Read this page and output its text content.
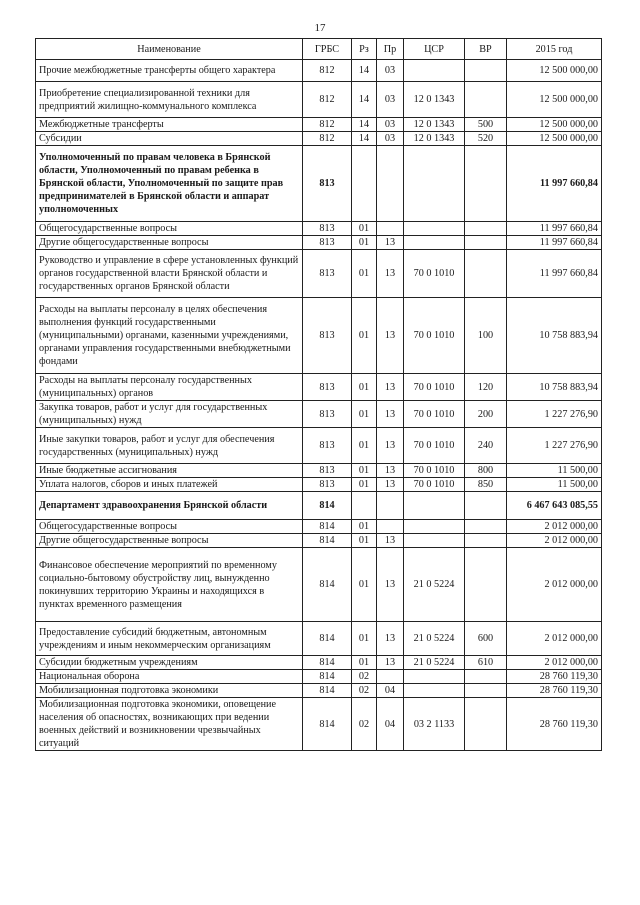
17
Наименование	ГРБС	Рз	Пр	ЦСР	ВР	2015 год
Прочие межбюджетные трансферты общего характера	812	14	03			12 500 000,00
Приобретение специализированной техники для предприятий жилищно-коммунального комплекса	812	14	03	12 0 1343		12 500 000,00
Межбюджетные трансферты	812	14	03	12 0 1343	500	12 500 000,00
Субсидии	812	14	03	12 0 1343	520	12 500 000,00
Уполномоченный по правам человека в Брянской области, Уполномоченный по правам ребенка в Брянской области, Уполномоченный по защите прав предпринимателей в Брянской области и аппарат уполномоченных	813					11 997 660,84
Общегосударственные вопросы	813	01				11 997 660,84
Другие общегосударственные вопросы	813	01	13			11 997 660,84
Руководство и управление в сфере установленных функций органов государственной власти Брянской области и государственных органов Брянской области	813	01	13	70 0 1010		11 997 660,84
Расходы на выплаты персоналу в целях обеспечения выполнения функций государственными (муниципальными) органами, казенными учреждениями, органами управления государственными внебюджетными фондами	813	01	13	70 0 1010	100	10 758 883,94
Расходы на выплаты персоналу государственных (муниципальных) органов	813	01	13	70 0 1010	120	10 758 883,94
Закупка товаров, работ и услуг для государственных (муниципальных) нужд	813	01	13	70 0 1010	200	1 227 276,90
Иные закупки товаров, работ и услуг для обеспечения государственных (муниципальных) нужд	813	01	13	70 0 1010	240	1 227 276,90
Иные бюджетные ассигнования	813	01	13	70 0 1010	800	11 500,00
Уплата налогов, сборов и иных платежей	813	01	13	70 0 1010	850	11 500,00
Департамент здравоохранения Брянской области	814					6 467 643 085,55
Общегосударственные вопросы	814	01				2 012 000,00
Другие общегосударственные вопросы	814	01	13			2 012 000,00
Финансовое обеспечение мероприятий по временному социально-бытовому обустройству лиц, вынужденно покинувших территорию Украины и находящихся в пунктах временного размещения	814	01	13	21 0 5224		2 012 000,00
Предоставление субсидий бюджетным, автономным учреждениям и иным некоммерческим организациям	814	01	13	21 0 5224	600	2 012 000,00
Субсидии бюджетным учреждениям	814	01	13	21 0 5224	610	2 012 000,00
Национальная оборона	814	02				28 760 119,30
Мобилизационная подготовка экономики	814	02	04			28 760 119,30
Мобилизационная подготовка экономики, оповещение населения об опасностях, возникающих при ведении военных действий и возникновении чрезвычайных ситуаций	814	02	04	03 2 1133		28 760 119,30
